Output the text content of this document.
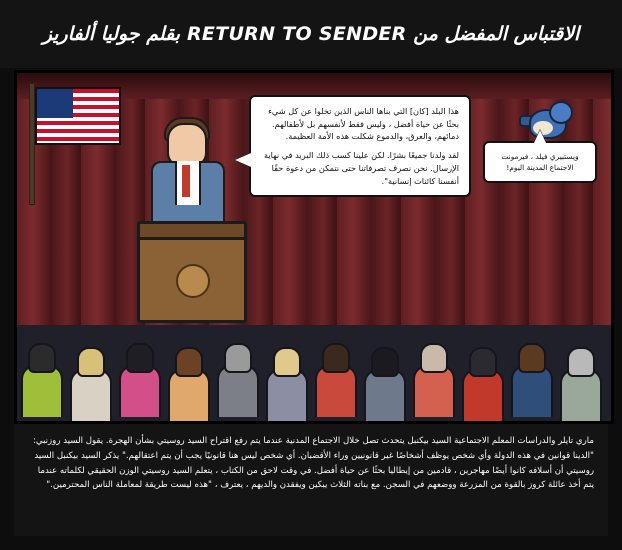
الاقتباس المفضل من RETURN TO SENDER بقلم جوليا ألفاريز

هذا البلد [كان] التي بناها الناس الذين تخلوا عن كل شيء بحثًا عن حياة أفضل ، وليس فقط لأنفسهم بل لأطفالهم. دمائهم، والعرق، والدموع شكلت هذه الأمة العظيمة.

لقد ولدنا جميعًا بشرًا. لكن علينا كسب ذلك البريد في نهاية الإرسال. نحن نصرف تصرفاتنا حتى نتمكن من دعوة حقًا أنفسنا كائنات إنسانية".

ويستبيري فيلد ، فيرمونت الاجتماع المدينة اليوم!
ماري تايلر والدراسات المعلم الاجتماعية السيد بيكنبل يتحدث تصل خلال الاجتماع المدنية عندما يتم رفع اقتراح السيد روسيتي بشأن الهجرة. يقول السيد روزنبي: "الدينا قوانين في هذه الدولة وأي شخص يوظف أشخاصًا غير قانونيين وراء الأقضبان. أي شخص ليس هنا قانونيًا يجب أن يتم اعتقالهم." يذكر السيد بيكنبل السيد روسيتي أن أسلافه كانوا أيضًا مهاجرين ، قادمين من إيطاليا بحثًا عن حياة أفضل. في وقت لاحق من الكتاب ، يتعلم السيد روسيتي الوزن الحقيقي لكلماته عندما يتم أخذ عائلة كروز بالقوة من المزرعة ووضعهم في السجن. مع بناته الثلاث يبكين ويفقدن والديهم ، يعترف ، "هذه ليست طريقة لمعاملة الناس المحترمين."
